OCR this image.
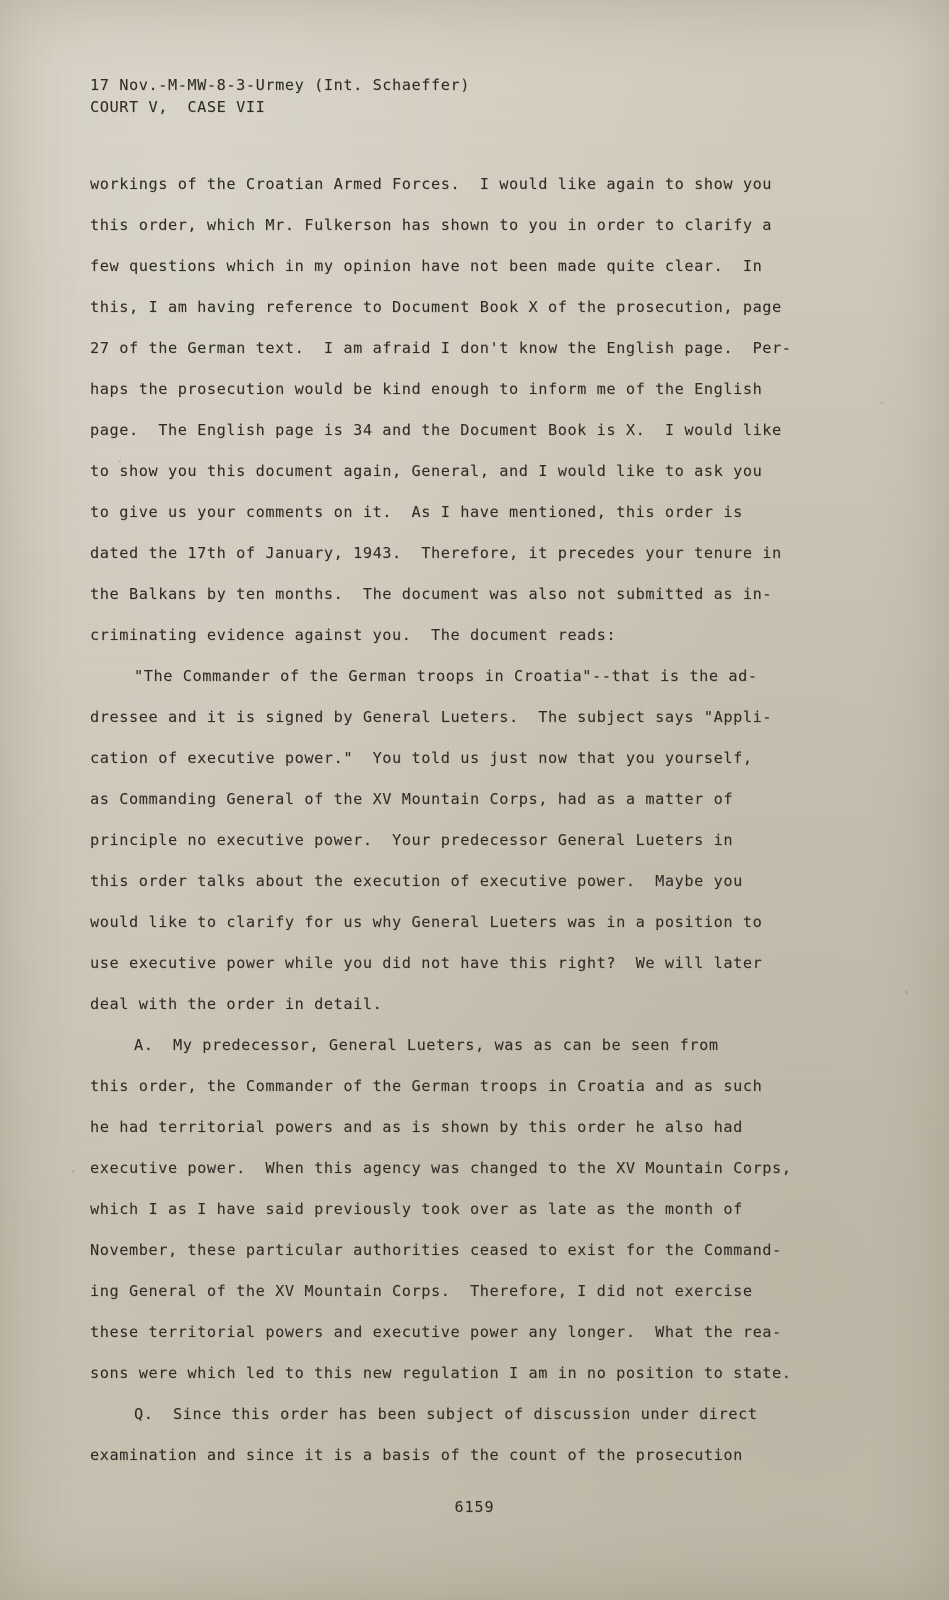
17 Nov.-M-MW-8-3-Urmey (Int. Schaeffer)
COURT V,  CASE VII
workings of the Croatian Armed Forces.  I would like again to show you
this order, which Mr. Fulkerson has shown to you in order to clarify a
few questions which in my opinion have not been made quite clear.  In
this, I am having reference to Document Book X of the prosecution, page
27 of the German text.  I am afraid I don't know the English page.  Per-
haps the prosecution would be kind enough to inform me of the English
page.  The English page is 34 and the Document Book is X.  I would like
to show you this document again, General, and I would like to ask you
to give us your comments on it.  As I have mentioned, this order is
dated the 17th of January, 1943.  Therefore, it precedes your tenure in
the Balkans by ten months.  The document was also not submitted as in-
criminating evidence against you.  The document reads:
"The Commander of the German troops in Croatia"--that is the ad-
dressee and it is signed by General Lueters.  The subject says "Appli-
cation of executive power."  You told us just now that you yourself,
as Commanding General of the XV Mountain Corps, had as a matter of
principle no executive power.  Your predecessor General Lueters in
this order talks about the execution of executive power.  Maybe you
would like to clarify for us why General Lueters was in a position to
use executive power while you did not have this right?  We will later
deal with the order in detail.
A.  My predecessor, General Lueters, was as can be seen from
this order, the Commander of the German troops in Croatia and as such
he had territorial powers and as is shown by this order he also had
executive power.  When this agency was changed to the XV Mountain Corps,
which I as I have said previously took over as late as the month of
November, these particular authorities ceased to exist for the Command-
ing General of the XV Mountain Corps.  Therefore, I did not exercise
these territorial powers and executive power any longer.  What the rea-
sons were which led to this new regulation I am in no position to state.
Q.  Since this order has been subject of discussion under direct
examination and since it is a basis of the count of the prosecution
6159
